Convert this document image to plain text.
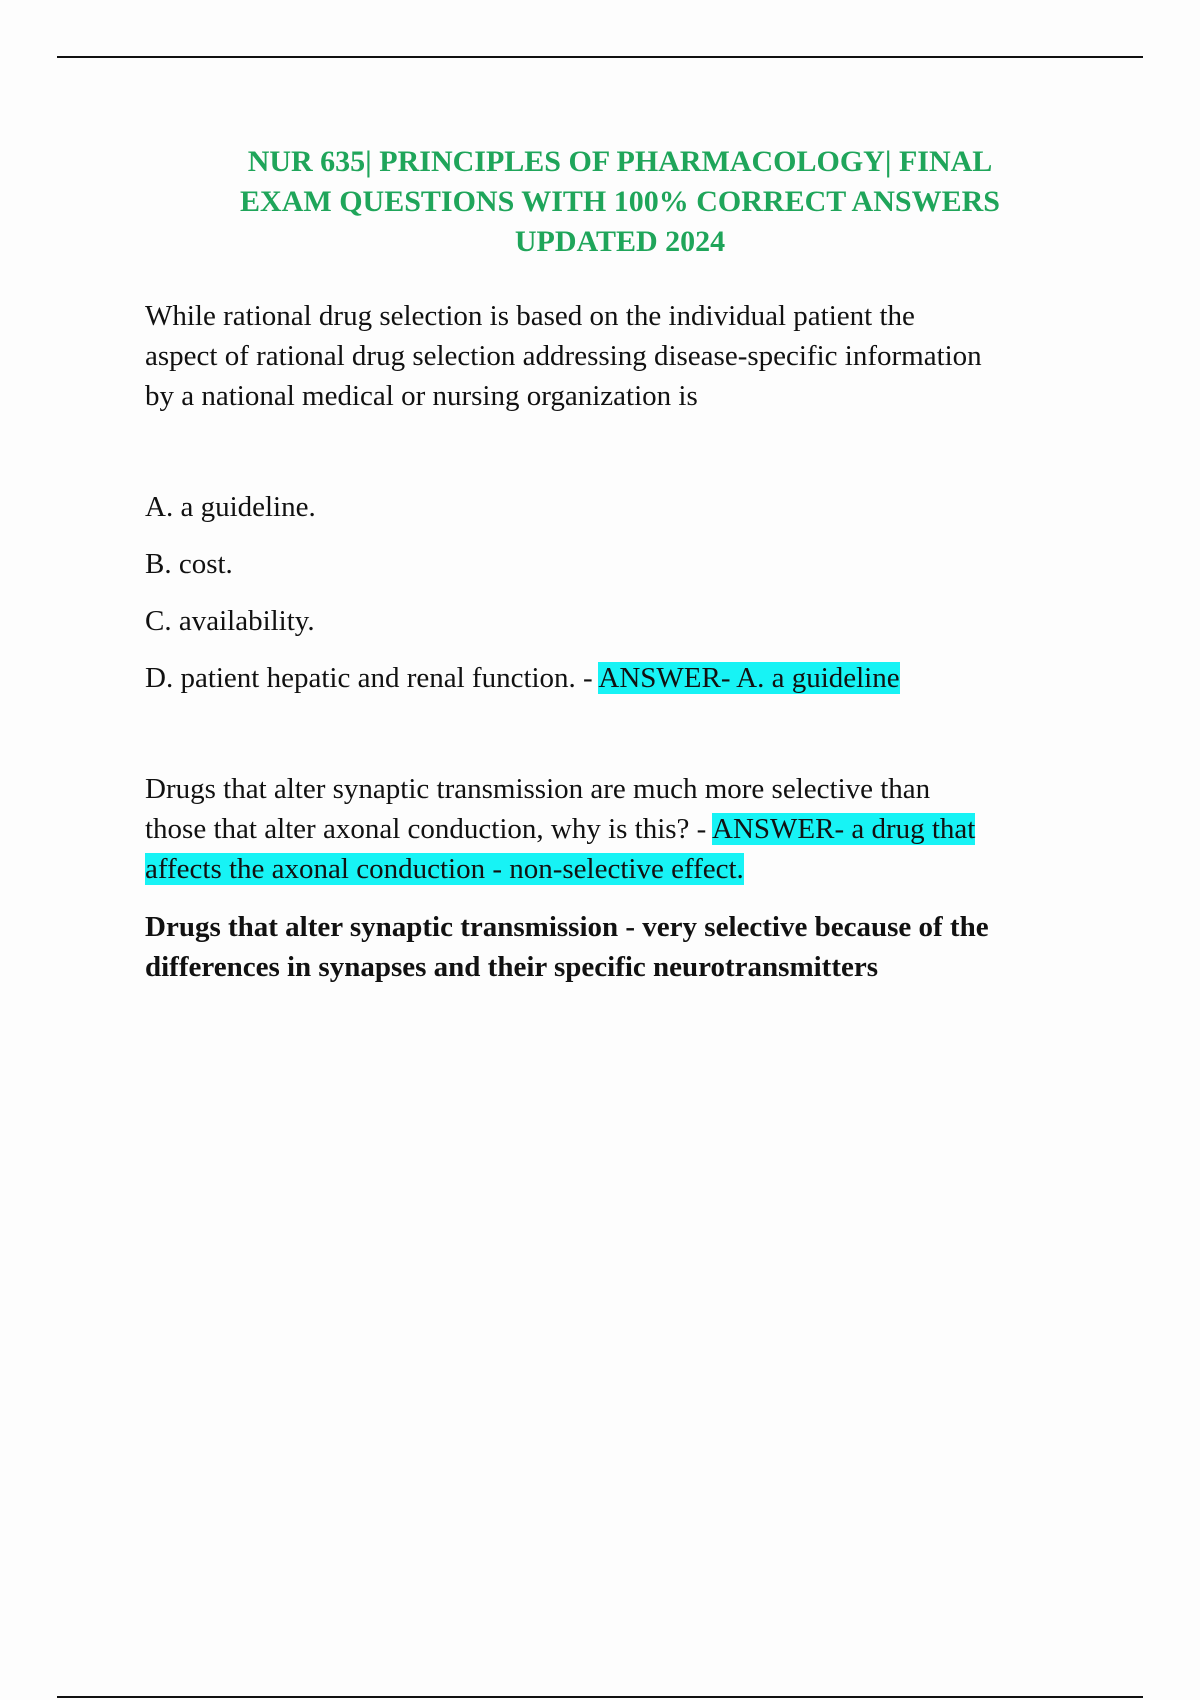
NUR 635| PRINCIPLES OF PHARMACOLOGY| FINAL
EXAM QUESTIONS WITH 100% CORRECT ANSWERS
UPDATED 2024
While rational drug selection is based on the individual patient the
aspect of rational drug selection addressing disease-specific information
by a national medical or nursing organization is
A. a guideline.
B. cost.
C. availability.
D. patient hepatic and renal function. - ANSWER- A. a guideline
Drugs that alter synaptic transmission are much more selective than
those that alter axonal conduction, why is this? - ANSWER- a drug that
affects the axonal conduction - non-selective effect.
Drugs that alter synaptic transmission - very selective because of the
differences in synapses and their specific neurotransmitters
